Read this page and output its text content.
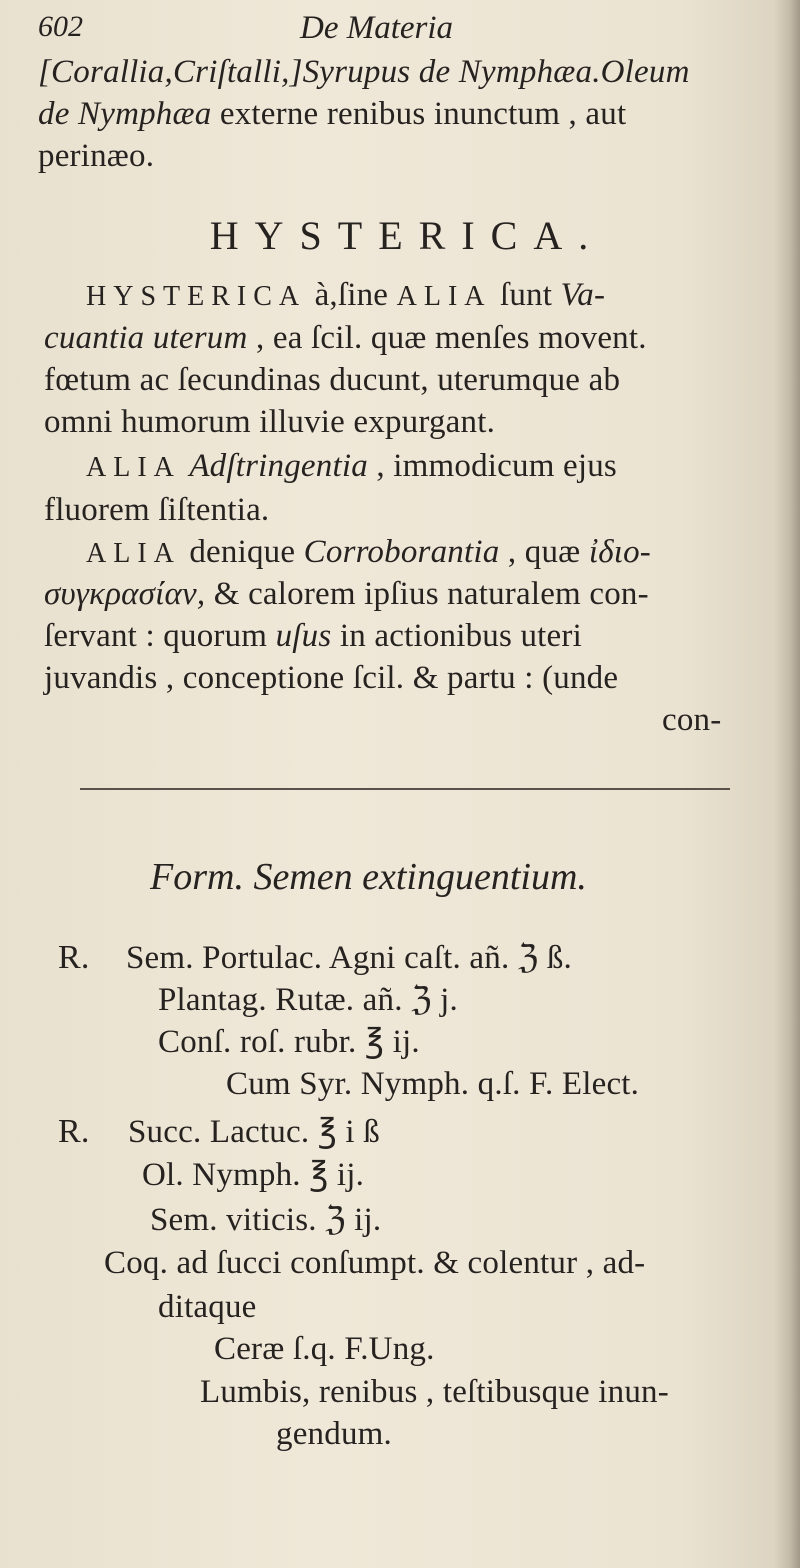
602	De Materia
[Corallia,Criſtalli,]Syrupus de Nymphæa.Oleum
de Nymphæa externe renibus inunctum , aut
perinæo.
HYSTERICA.
HYSTERICA à,ſine ALIA ſunt Va-
cuantia uterum , ea ſcil. quæ menſes movent.
fœtum ac ſecundinas ducunt, uterumque ab
omni humorum illuvie expurgant.
ALIA Adſtringentia , immodicum ejus
fluorem ſiſtentia.
ALIA denique Corroborantia , quæ ἰδιο-
συγκρασίαν, & calorem ipſius naturalem con-
ſervant : quorum uſus in actionibus uteri
juvandis , conceptione ſcil. & partu : (unde
con-
Form. Semen extinguentium.
R. Sem. Portulac. Agni caſt. añ. ℨ ß.
Plantag. Rutæ. añ. ℨ j.
Conſ. roſ. rubr. ℥ ij.
Cum Syr. Nymph. q.ſ. F. Elect.
R. Succ. Lactuc. ℥ i ß
Ol. Nymph. ℥ ij.
Sem. viticis. ℨ ij.
Coq. ad ſucci conſumpt. & colentur , ad-
ditaque
Ceræ ſ.q. F.Ung.
Lumbis, renibus , teſtibusque inun-
gendum.
